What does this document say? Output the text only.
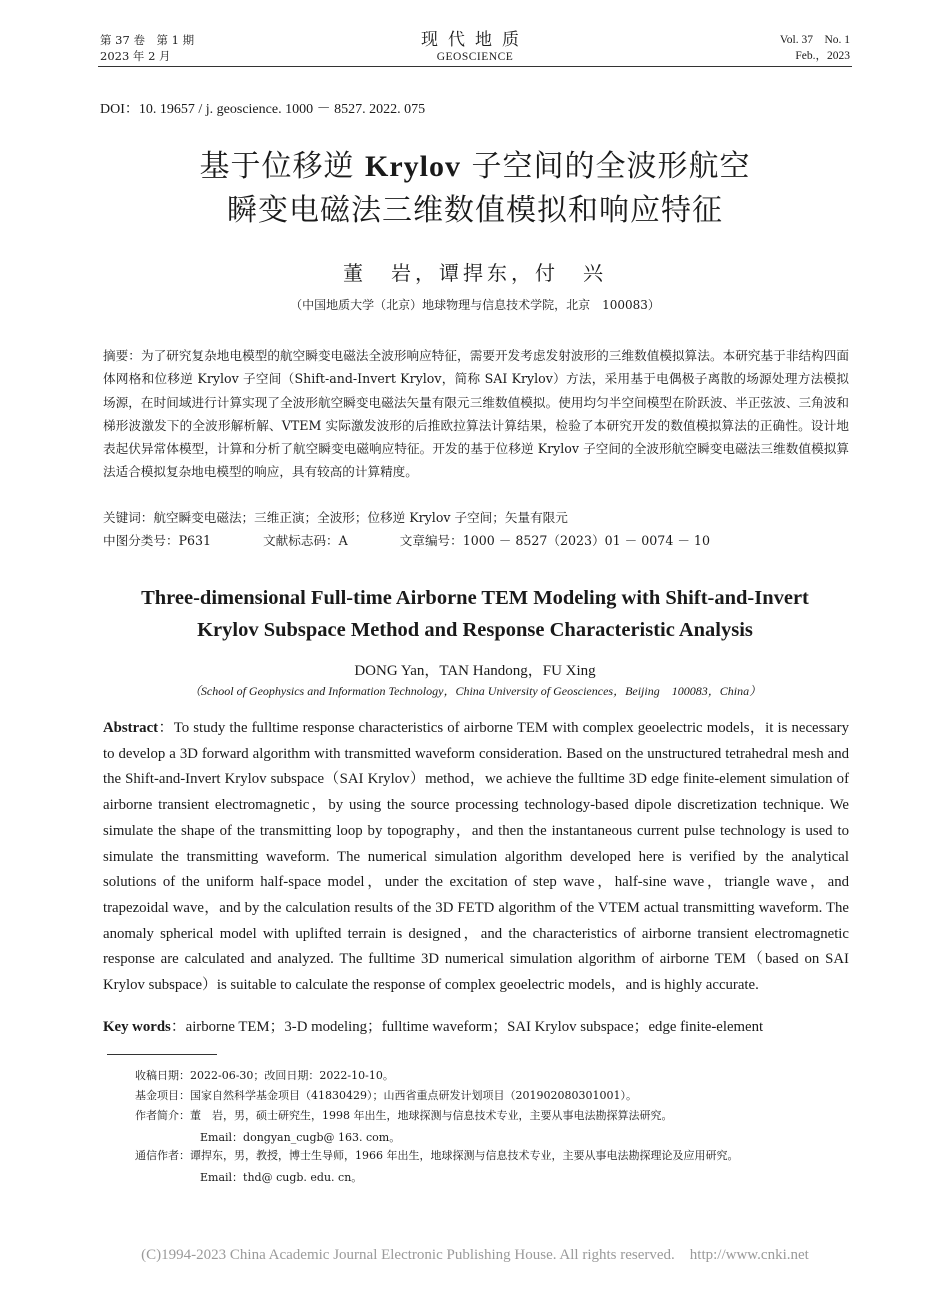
第 37 卷　第 1 期
2023 年 2 月
现代地质
GEOSCIENCE
Vol. 37　No. 1
Feb.，2023
DOI：10. 19657 / j. geoscience. 1000 － 8527. 2022. 075
基于位移逆 Krylov 子空间的全波形航空
瞬变电磁法三维数值模拟和响应特征
董　岩，谭捍东，付　兴
（中国地质大学（北京）地球物理与信息技术学院，北京　100083）
摘要：为了研究复杂地电模型的航空瞬变电磁法全波形响应特征，需要开发考虑发射波形的三维数值模拟算法。本研究基于非结构四面体网格和位移逆 Krylov 子空间（Shift-and-Invert Krylov，简称 SAI Krylov）方法，采用基于电偶极子离散的场源处理方法模拟场源，在时间域进行计算实现了全波形航空瞬变电磁法矢量有限元三维数值模拟。使用均匀半空间模型在阶跃波、半正弦波、三角波和梯形波激发下的全波形解析解、VTEM 实际激发波形的后推欧拉算法计算结果，检验了本研究开发的数值模拟算法的正确性。设计地表起伏异常体模型，计算和分析了航空瞬变电磁响应特征。开发的基于位移逆 Krylov 子空间的全波形航空瞬变电磁法三维数值模拟算法适合模拟复杂地电模型的响应，具有较高的计算精度。
关键词：航空瞬变电磁法；三维正演；全波形；位移逆 Krylov 子空间；矢量有限元
中图分类号：P631	文献标志码：A	文章编号：1000 － 8527（2023）01 － 0074 － 10
Three-dimensional Full-time Airborne TEM Modeling with Shift-and-Invert
Krylov Subspace Method and Response Characteristic Analysis
DONG Yan，TAN Handong，FU Xing
（School of Geophysics and Information Technology，China University of Geosciences，Beijing　100083，China）
Abstract：To study the fulltime response characteristics of airborne TEM with complex geoelectric models，it is necessary to develop a 3D forward algorithm with transmitted waveform consideration. Based on the unstructured tetrahedral mesh and the Shift-and-Invert Krylov subspace（SAI Krylov）method，we achieve the fulltime 3D edge finite-element simulation of airborne transient electromagnetic，by using the source processing technology-based dipole discretization technique. We simulate the shape of the transmitting loop by topography，and then the instantaneous current pulse technology is used to simulate the transmitting waveform. The numerical simulation algorithm developed here is verified by the analytical solutions of the uniform half-space model，under the excitation of step wave，half-sine wave，triangle wave，and trapezoidal wave，and by the calculation results of the 3D FETD algorithm of the VTEM actual transmitting waveform. The anomaly spherical model with uplifted terrain is designed，and the characteristics of airborne transient electromagnetic response are calculated and analyzed. The fulltime 3D numerical simulation algorithm of airborne TEM（based on SAI Krylov subspace）is suitable to calculate the response of complex geoelectric models，and is highly accurate.
Key words：airborne TEM；3-D modeling；fulltime waveform；SAI Krylov subspace；edge finite-element
收稿日期：2022-06-30；改回日期：2022-10-10。
基金项目：国家自然科学基金项目（41830429）；山西省重点研发计划项目（201902080301001）。
作者简介：董　岩，男，硕士研究生，1998 年出生，地球探测与信息技术专业，主要从事电法勘探算法研究。
Email：dongyan_cugb@ 163. com。
通信作者：谭捍东，男，教授，博士生导师，1966 年出生，地球探测与信息技术专业，主要从事电法勘探理论及应用研究。
Email：thd@ cugb. edu. cn。
(C)1994-2023 China Academic Journal Electronic Publishing House. All rights reserved.　http://www.cnki.net
